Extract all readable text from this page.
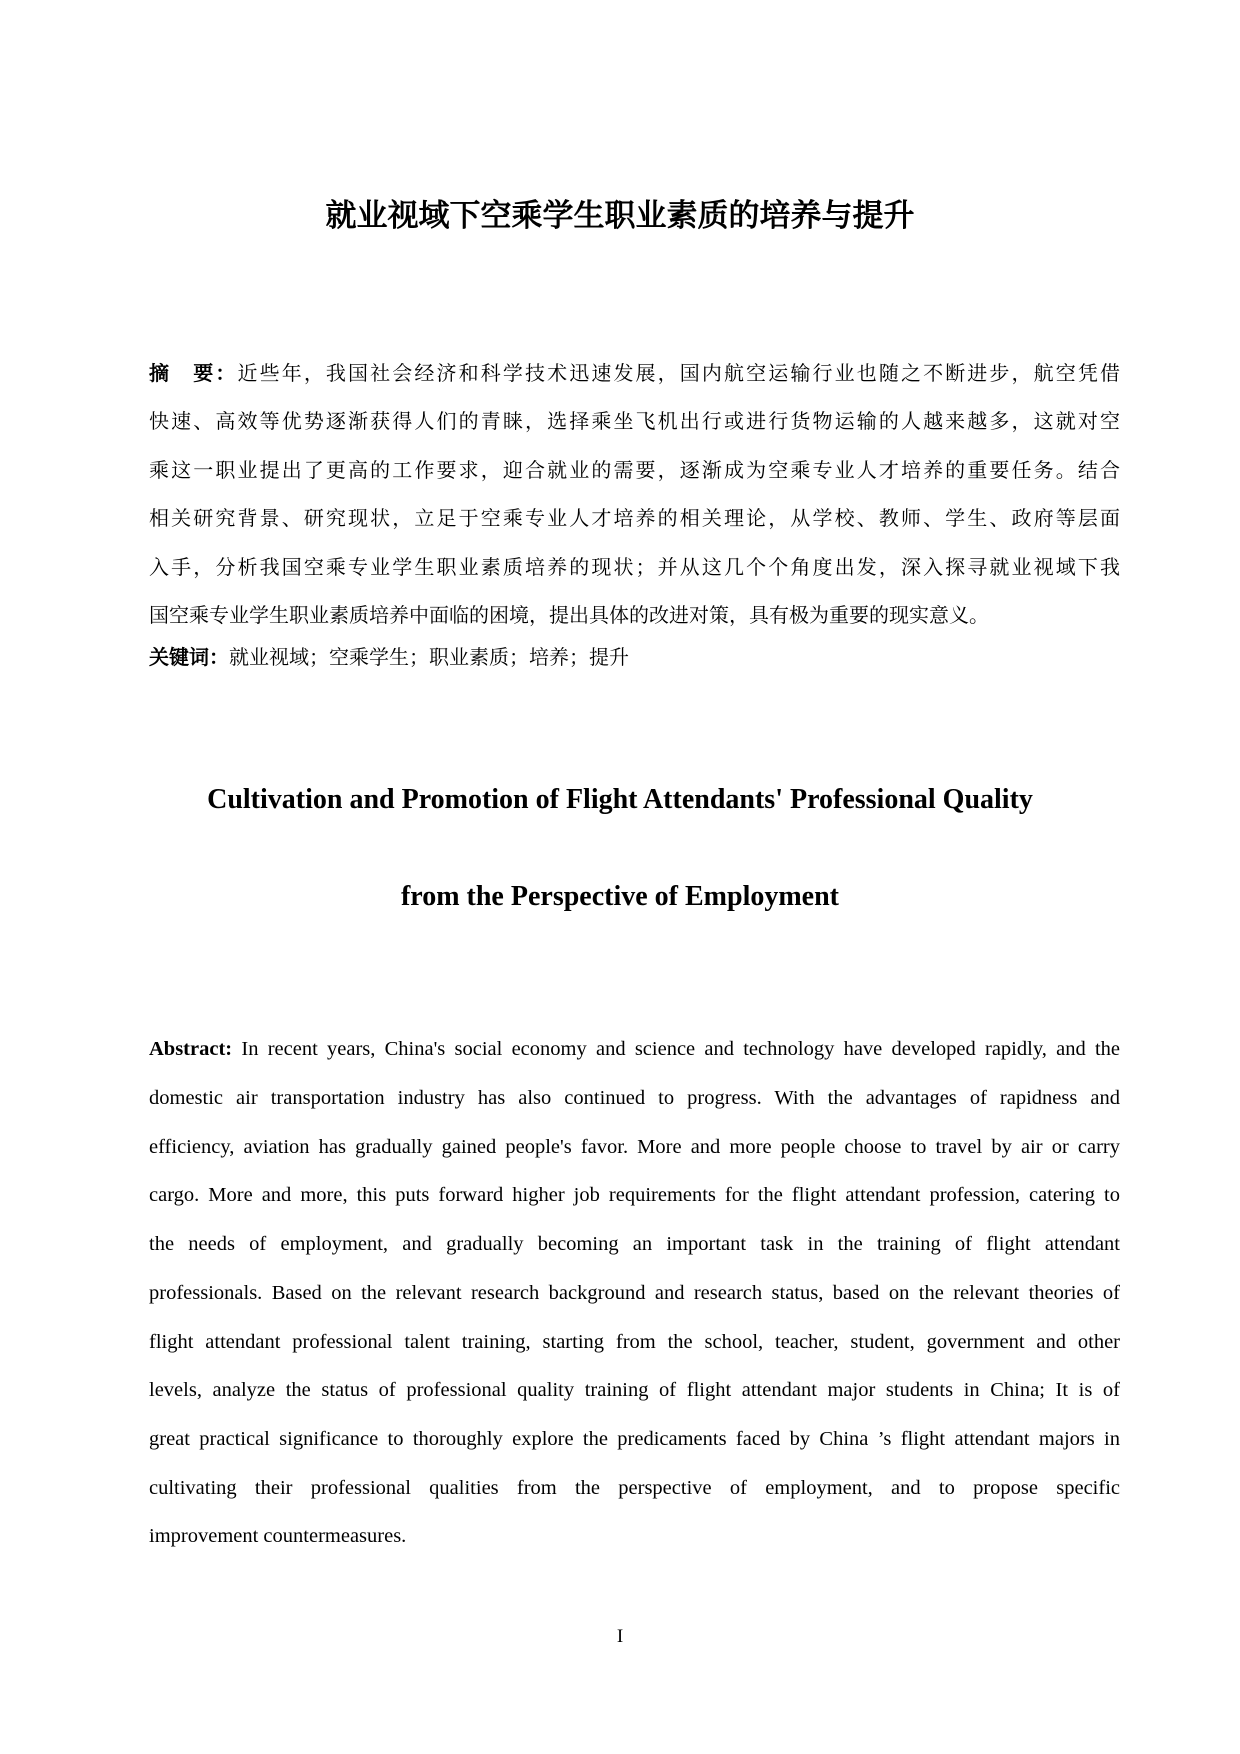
就业视域下空乘学生职业素质的培养与提升
摘　要：近些年，我国社会经济和科学技术迅速发展，国内航空运输行业也随之不断进步，航空凭借
快速、高效等优势逐渐获得人们的青睐，选择乘坐飞机出行或进行货物运输的人越来越多，这就对空
乘这一职业提出了更高的工作要求，迎合就业的需要，逐渐成为空乘专业人才培养的重要任务。结合
相关研究背景、研究现状，立足于空乘专业人才培养的相关理论，从学校、教师、学生、政府等层面
入手，分析我国空乘专业学生职业素质培养的现状；并从这几个个角度出发，深入探寻就业视域下我
国空乘专业学生职业素质培养中面临的困境，提出具体的改进对策，具有极为重要的现实意义。
关键词：就业视域；空乘学生；职业素质；培养；提升
Cultivation and Promotion of Flight Attendants' Professional Quality
from the Perspective of Employment
Abstract: In recent years, China's social economy and science and technology have developed rapidly, and the
domestic air transportation industry has also continued to progress. With the advantages of rapidness and
efficiency, aviation has gradually gained people's favor. More and more people choose to travel by air or carry
cargo. More and more, this puts forward higher job requirements for the flight attendant profession, catering to
the needs of employment, and gradually becoming an important task in the training of flight attendant
professionals. Based on the relevant research background and research status, based on the relevant theories of
flight attendant professional talent training, starting from the school, teacher, student, government and other
levels, analyze the status of professional quality training of flight attendant major students in China; It is of
great practical significance to thoroughly explore the predicaments faced by China ’s flight attendant majors in
cultivating their professional qualities from the perspective of employment, and to propose specific
improvement countermeasures.
I
